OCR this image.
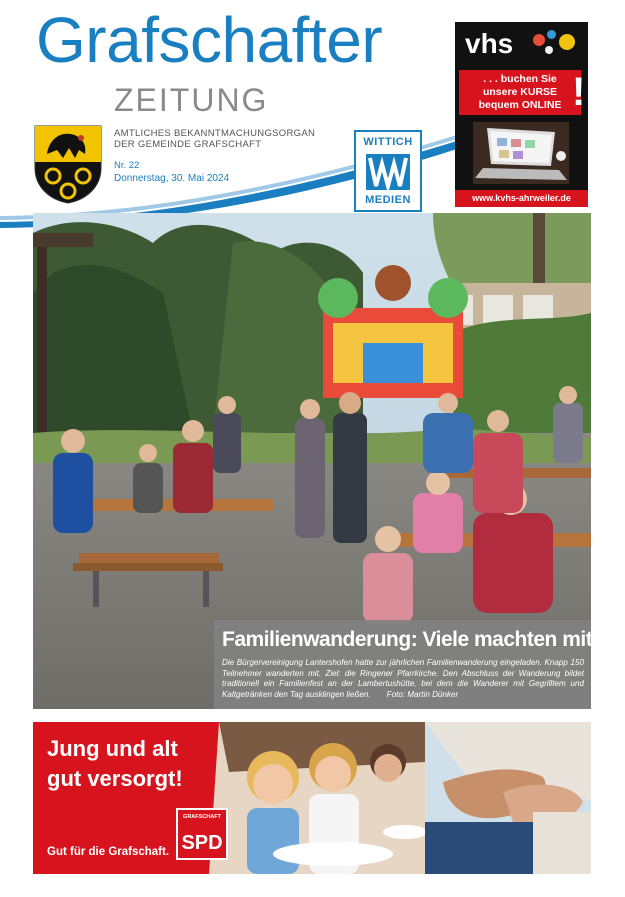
Grafschafter
ZEITUNG
AMTLICHES BEKANNTMACHUNGSORGAN
DER GEMEINDE GRAFSCHAFT
Nr. 22
Donnerstag, 30. Mai 2024
WITTICH
MEDIEN
vhs
. . . buchen Sie
unsere KURSE
bequem ONLINE !
www.kvhs-ahrweiler.de
Familienwanderung: Viele machten mit!
Die Bürgervereinigung Lantershofen hatte zur jährlichen Familienwanderung eingeladen. Knapp 150 Teilnehmer wanderten mit. Ziel: die Ringener Pfarrkirche. Den Abschluss der Wanderung bildet traditionell ein Familienfest an der Lambertushütte, bei dem die Wanderer mit Gegrilltem und Kaltgetränken den Tag ausklingen ließen. Foto: Martin Dünker
Jung und alt
gut versorgt!
Gut für die Grafschaft.
GRAFSCHAFT
SPD
